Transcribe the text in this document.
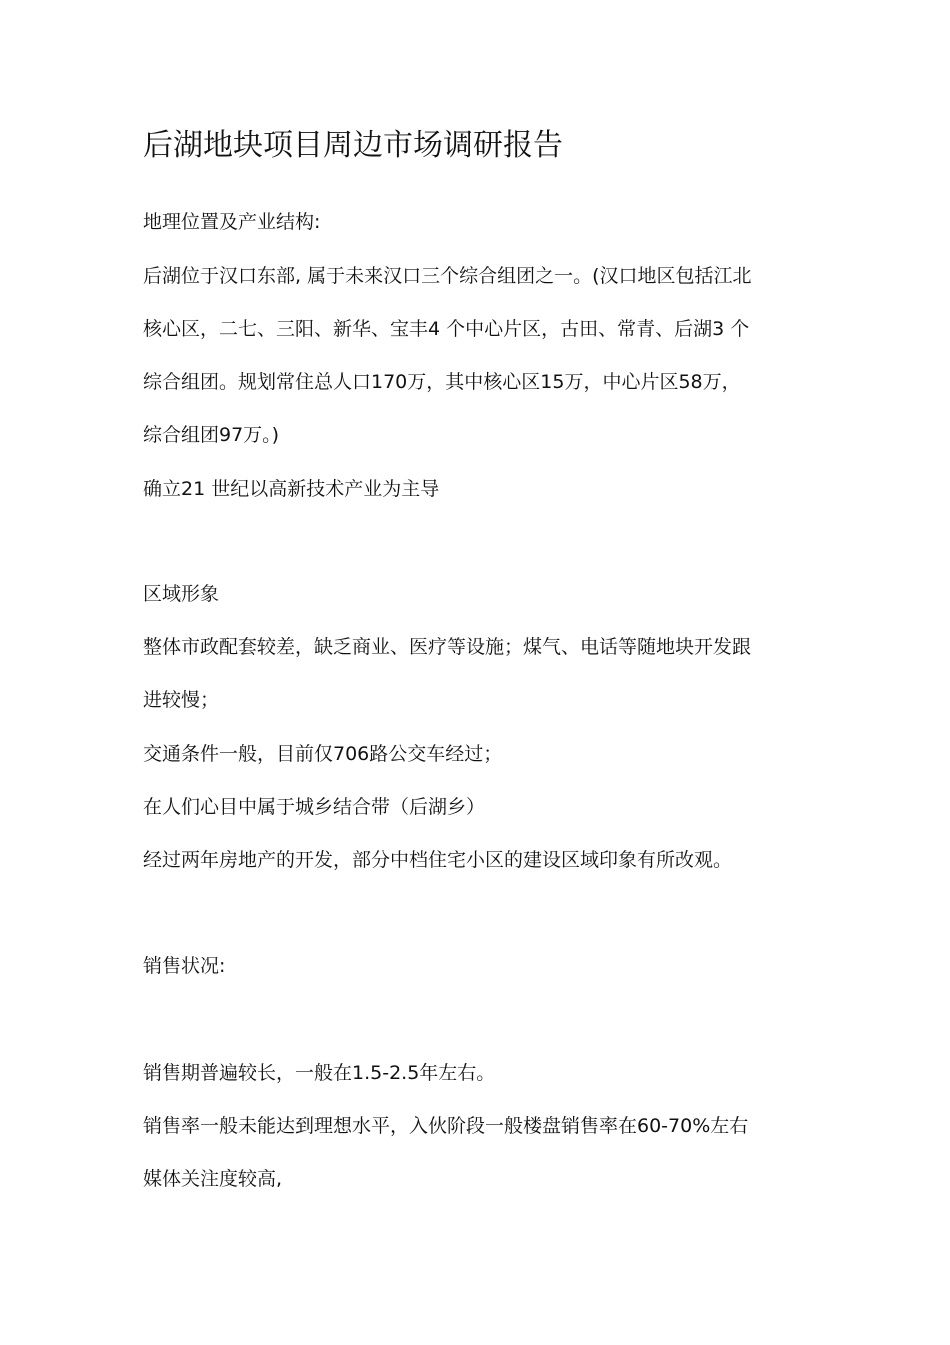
后湖地块项目周边市场调研报告
地理位置及产业结构:
后湖位于汉口东部, 属于未来汉口三个综合组团之一。(汉口地区包括江北
核心区，二七、三阳、新华、宝丰4 个中心片区，古田、常青、后湖3 个
综合组团。规划常住总人口170万，其中核心区15万，中心片区58万，
综合组团97万。)
确立21 世纪以高新技术产业为主导
区域形象
整体市政配套较差，缺乏商业、医疗等设施；煤气、电话等随地块开发跟
进较慢；
交通条件一般，目前仅706路公交车经过；
在人们心目中属于城乡结合带（后湖乡）
经过两年房地产的开发，部分中档住宅小区的建设区域印象有所改观。
销售状况:
销售期普遍较长，一般在1.5-2.5年左右。
销售率一般未能达到理想水平，入伙阶段一般楼盘销售率在60-70%左右
媒体关注度较高,
